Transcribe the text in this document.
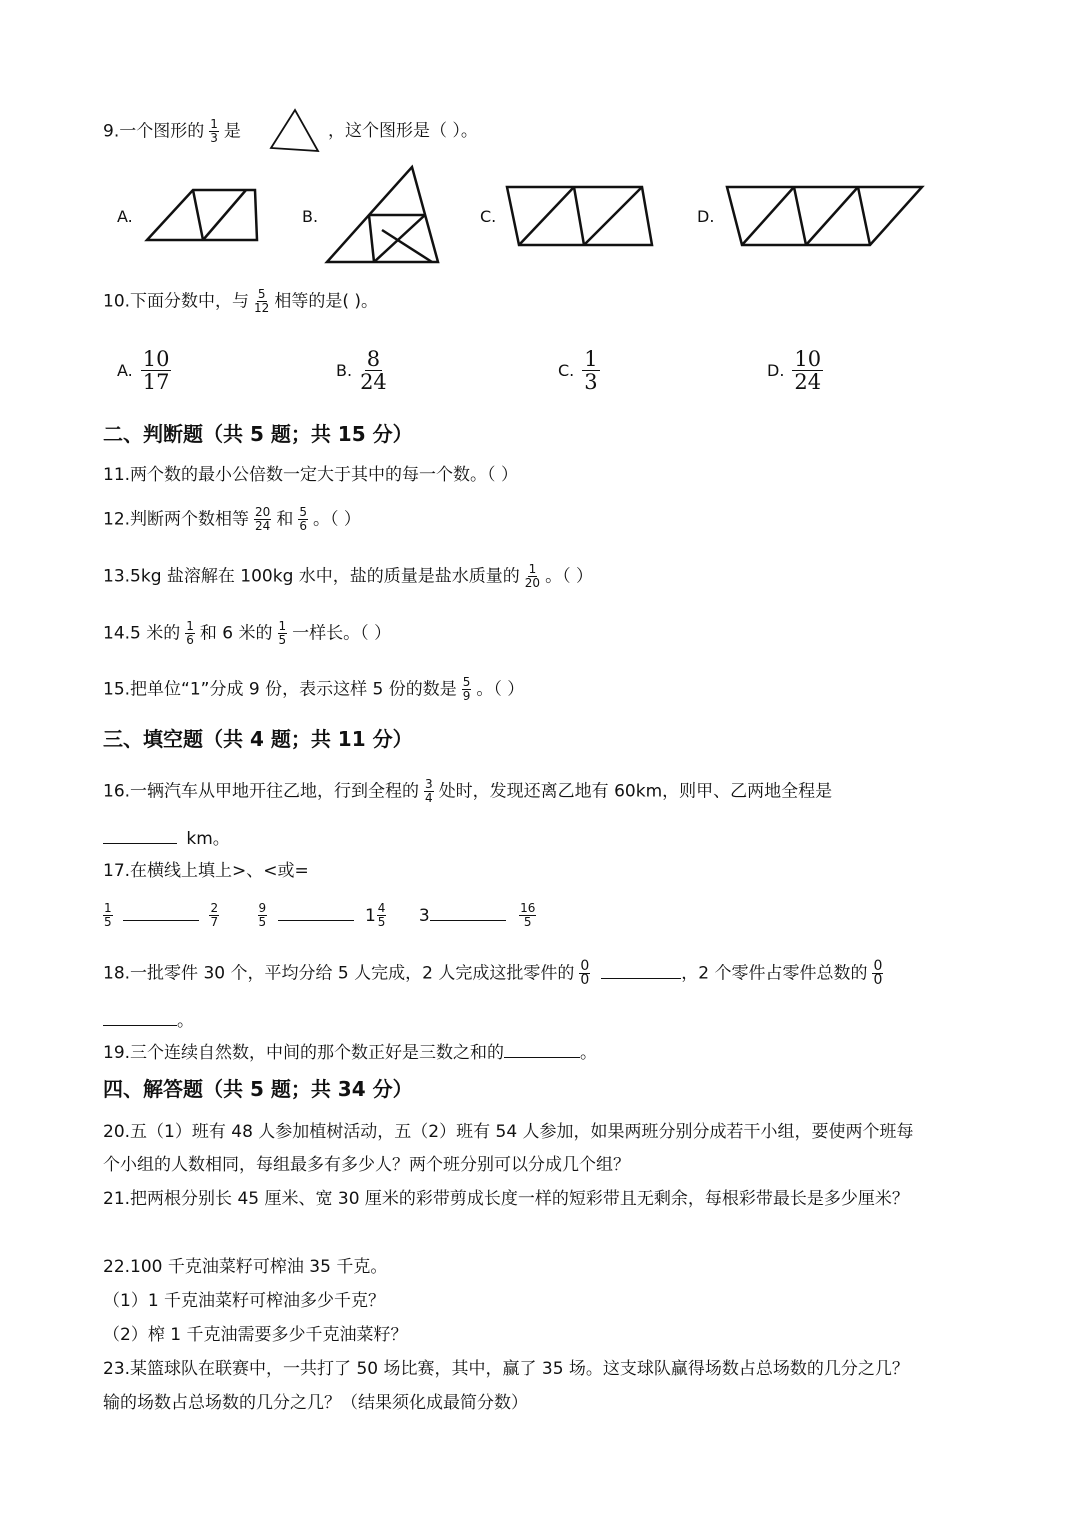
9.一个图形的 $\frac{1}{3}$ 是	，这个图形是（ ）。
A.	B.	C.	D.
10.下面分数中，与 $\frac{5}{12}$ 相等的是( )。
A. $\frac{10}{17}$	B. $\frac{8}{24}$	C. $\frac{1}{3}$	D. $\frac{10}{24}$
二、判断题（共 5 题；共 15 分）
11.两个数的最小公倍数一定大于其中的每一个数。（ ）
12.判断两个数相等 $\frac{20}{24}$ 和 $\frac{5}{6}$ 。（ ）
13.5kg 盐溶解在 100kg 水中，盐的质量是盐水质量的 $\frac{1}{20}$ 。（ ）
14.5 米的 $\frac{1}{6}$ 和 6 米的 $\frac{1}{5}$ 一样长。（ ）
15.把单位“1”分成 9 份，表示这样 5 份的数是 $\frac{5}{9}$ 。（ ）
三、填空题（共 4 题；共 11 分）
16.一辆汽车从甲地开往乙地，行到全程的 $\frac{3}{4}$ 处时，发现还离乙地有 60km，则甲、乙两地全程是
km。
17.在横线上填上>、<或=
$\frac{1}{5}$
	$\frac{2}{7}$
	$\frac{9}{5}$	$1 \frac{4}{5} 3$	$\frac{16}{5}$
18.一批零件 30 个，平均分给 5 人完成，2 人完成这批零件的 $\frac{0}{0}$	，2 个零件占零件总数的 $\frac{0}{0}$
。
19.三个连续自然数，中间的那个数正好是三数之和的	。
四、解答题（共 5 题；共 34 分）
20.五（1）班有 48 人参加植树活动，五（2）班有 54 人参加，如果两班分别分成若干小组，要使两个班每
个小组的人数相同，每组最多有多少人？两个班分别可以分成几个组？
21.把两根分别长 45 厘米、宽 30 厘米的彩带剪成长度一样的短彩带且无剩余，每根彩带最长是多少厘米？
22.100 千克油菜籽可榨油 35 千克。
（1）1 千克油菜籽可榨油多少千克？
（2）榨 1 千克油需要多少千克油菜籽？
23.某篮球队在联赛中，一共打了 50 场比赛，其中，赢了 35 场。这支球队赢得场数占总场数的几分之几？
输的场数占总场数的几分之几？（结果须化成最简分数）
